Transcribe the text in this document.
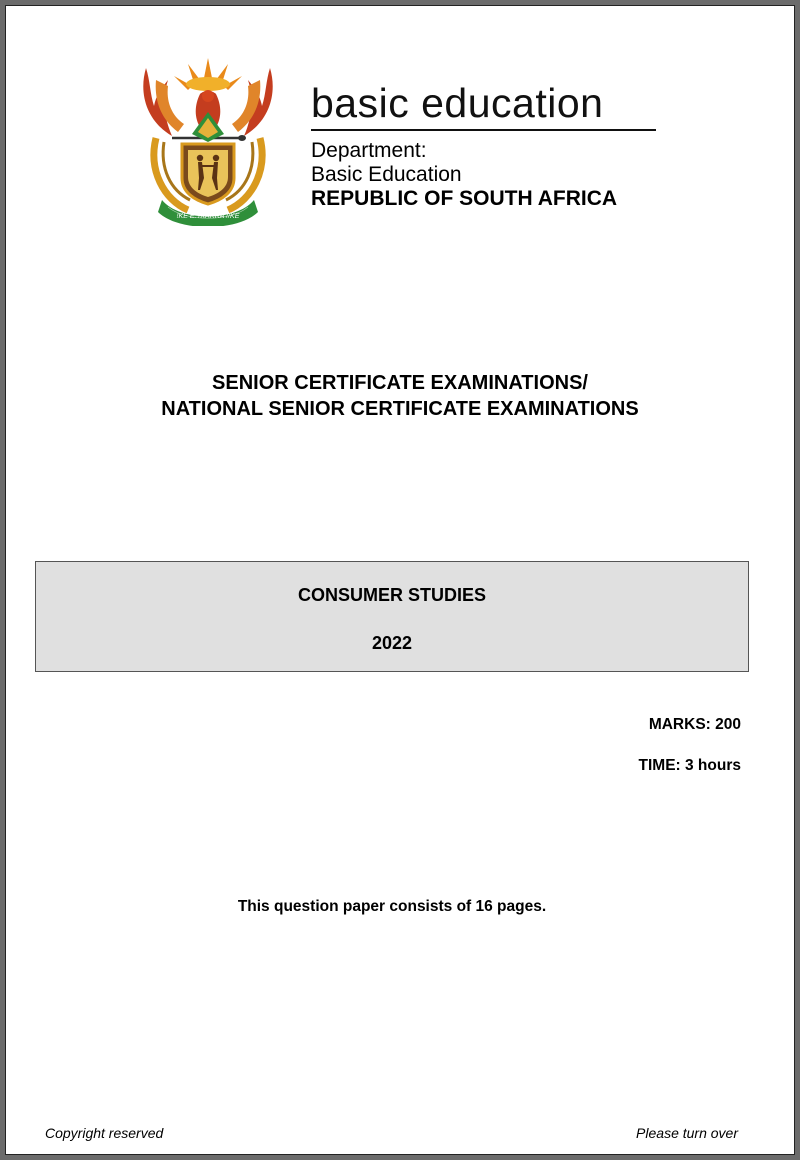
!KE E: /XARRA //KE
basic education
Department:
Basic Education
REPUBLIC OF SOUTH AFRICA
SENIOR CERTIFICATE EXAMINATIONS/
NATIONAL SENIOR CERTIFICATE EXAMINATIONS
CONSUMER STUDIES
2022
MARKS: 200
TIME: 3 hours
This question paper consists of 16 pages.
Copyright reserved	Please turn over
